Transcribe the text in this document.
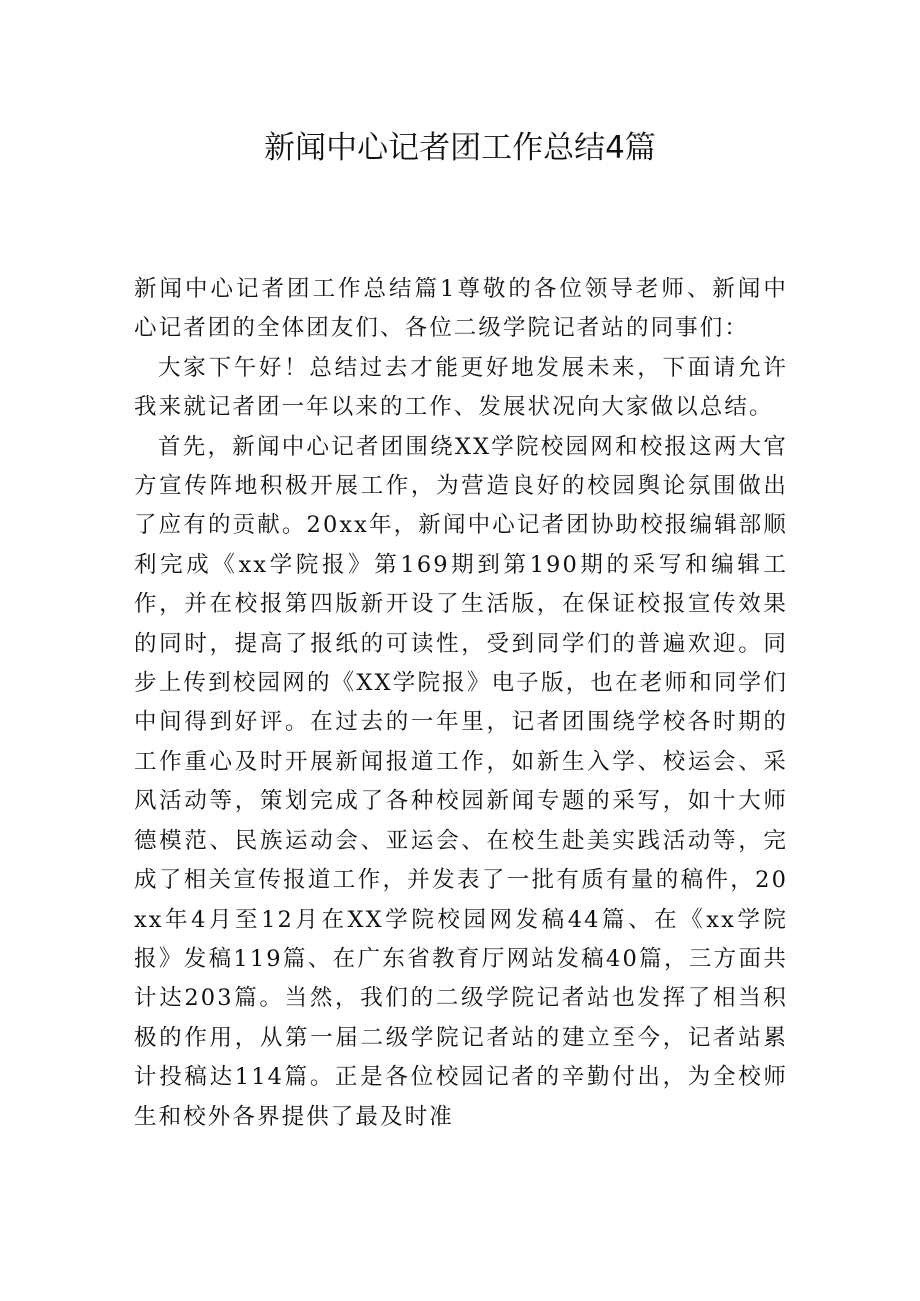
新闻中心记者团工作总结4篇

新闻中心记者团工作总结篇1尊敬的各位领导老师、新闻中心记者团的全体团友们、各位二级学院记者站的同事们：

大家下午好！总结过去才能更好地发展未来，下面请允许我来就记者团一年以来的工作、发展状况向大家做以总结。

首先，新闻中心记者团围绕XX学院校园网和校报这两大官方宣传阵地积极开展工作，为营造良好的校园舆论氛围做出了应有的贡献。20xx年，新闻中心记者团协助校报编辑部顺利完成《xx学院报》第169期到第190期的采写和编辑工作，并在校报第四版新开设了生活版，在保证校报宣传效果的同时，提高了报纸的可读性，受到同学们的普遍欢迎。同步上传到校园网的《XX学院报》电子版，也在老师和同学们中间得到好评。在过去的一年里，记者团围绕学校各时期的工作重心及时开展新闻报道工作，如新生入学、校运会、采风活动等，策划完成了各种校园新闻专题的采写，如十大师德模范、民族运动会、亚运会、在校生赴美实践活动等，完成了相关宣传报道工作，并发表了一批有质有量的稿件，20xx年4月至12月在XX学院校园网发稿44篇、在《xx学院报》发稿119篇、在广东省教育厅网站发稿40篇，三方面共计达203篇。当然，我们的二级学院记者站也发挥了相当积极的作用，从第一届二级学院记者站的建立至今，记者站累计投稿达114篇。正是各位校园记者的辛勤付出，为全校师生和校外各界提供了最及时准
